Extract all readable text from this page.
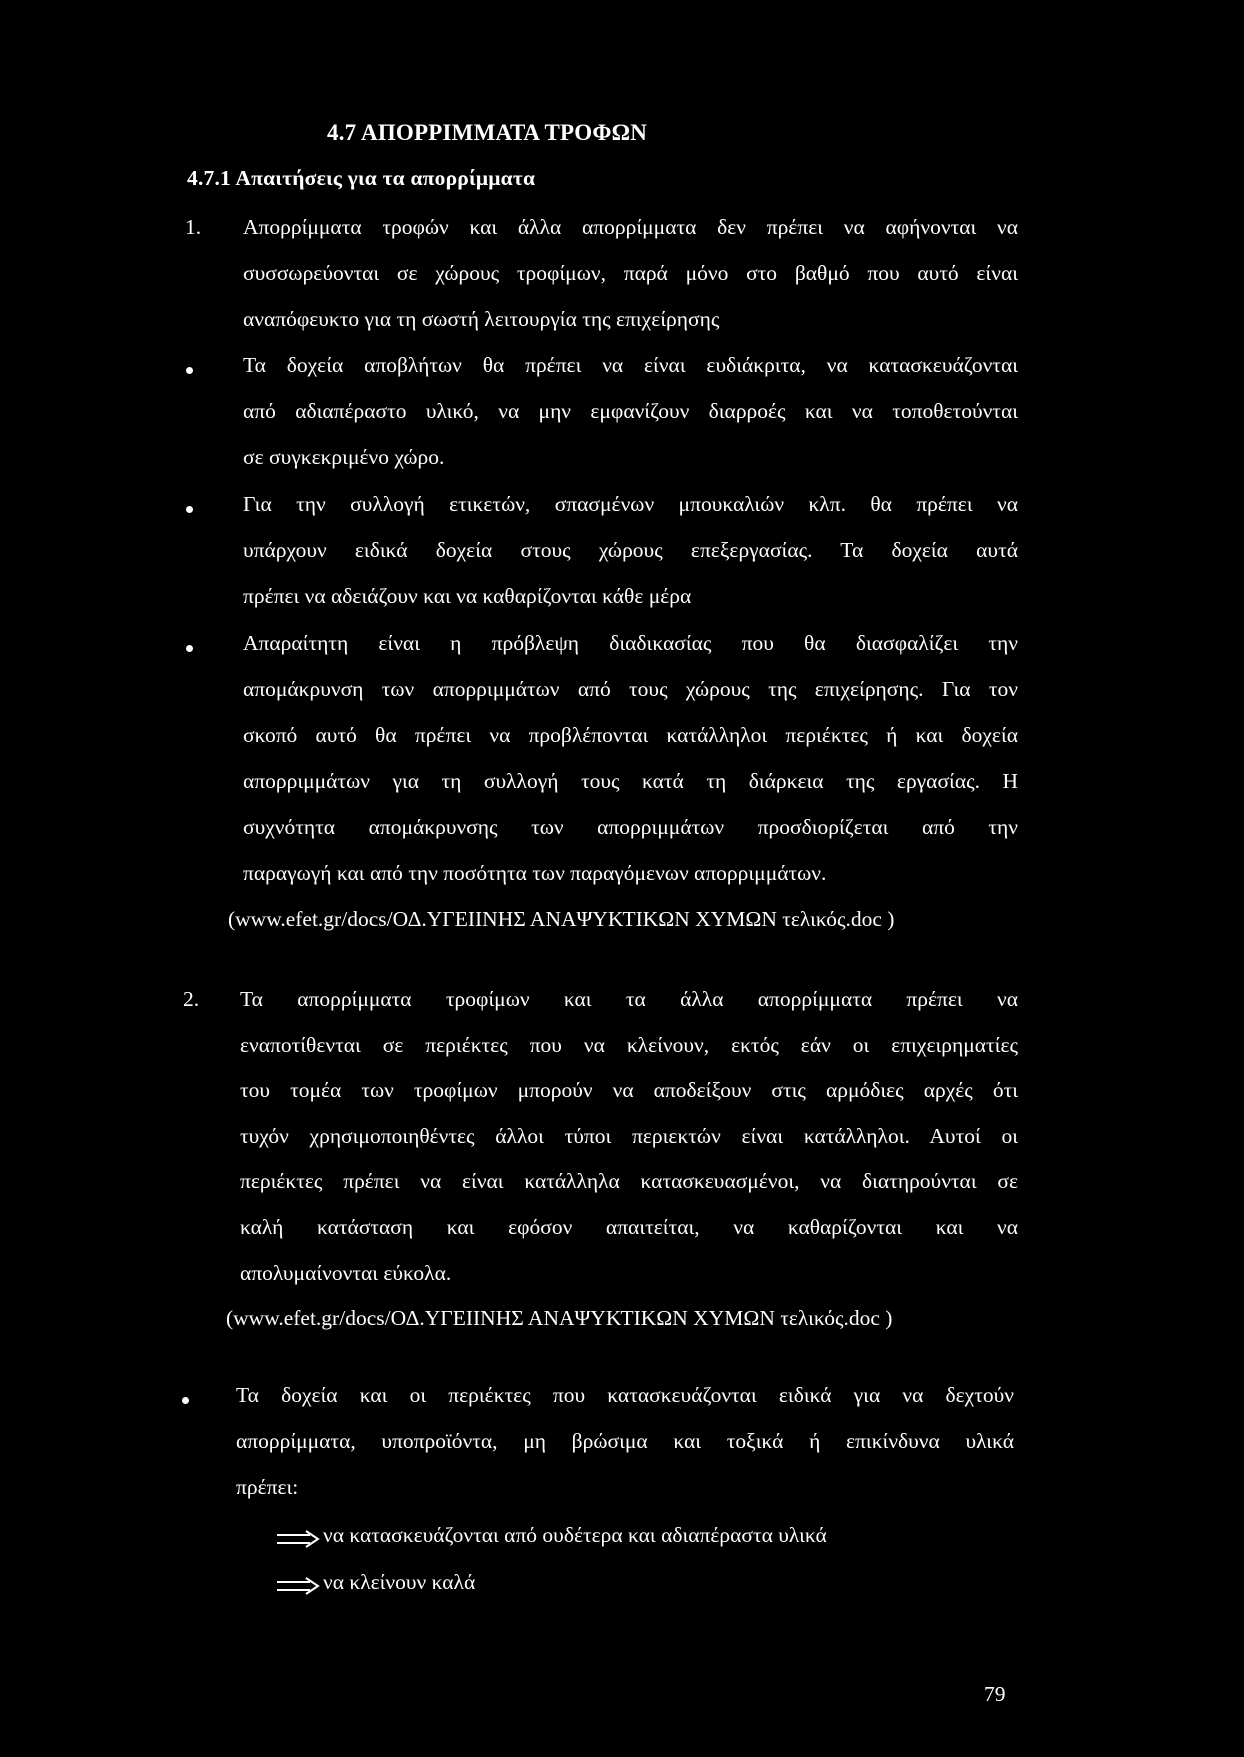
4.7 ΑΠΟΡΡΙΜΜΑΤΑ ΤΡΟΦΩΝ
4.7.1 Απαιτήσεις για τα απορρίμματα
1. Απορρίμματα τροφών και άλλα απορρίμματα δεν πρέπει να αφήνονται να
συσσωρεύονται σε χώρους τροφίμων, παρά μόνο στο βαθμό που αυτό είναι
αναπόφευκτο για τη σωστή λειτουργία της επιχείρησης
Τα δοχεία αποβλήτων θα πρέπει να είναι ευδιάκριτα, να κατασκευάζονται
από αδιαπέραστο υλικό, να μην εμφανίζουν διαρροές και να τοποθετούνται
σε συγκεκριμένο χώρο.
Για την συλλογή ετικετών, σπασμένων μπουκαλιών κλπ. θα πρέπει να
υπάρχουν ειδικά δοχεία στους χώρους επεξεργασίας. Τα δοχεία αυτά
πρέπει να αδειάζουν και να καθαρίζονται κάθε μέρα
Απαραίτητη είναι η πρόβλεψη διαδικασίας που θα διασφαλίζει την
απομάκρυνση των απορριμμάτων από τους χώρους της επιχείρησης. Για τον
σκοπό αυτό θα πρέπει να προβλέπονται κατάλληλοι περιέκτες ή και δοχεία
απορριμμάτων για τη συλλογή τους κατά τη διάρκεια της εργασίας. Η
συχνότητα απομάκρυνσης των απορριμμάτων προσδιορίζεται από την
παραγωγή και από την ποσότητα των παραγόμενων απορριμμάτων.
(www.efet.gr/docs/ΟΔ.ΥΓΕΙΙΝΗΣ ΑΝΑΨΥΚΤΙΚΩΝ ΧΥΜΩΝ τελικός.doc )
2. Τα απορρίμματα τροφίμων και τα άλλα απορρίμματα πρέπει να
εναποτίθενται σε περιέκτες που να κλείνουν, εκτός εάν οι επιχειρηματίες
του τομέα των τροφίμων μπορούν να αποδείξουν στις αρμόδιες αρχές ότι
τυχόν χρησιμοποιηθέντες άλλοι τύποι περιεκτών είναι κατάλληλοι. Αυτοί οι
περιέκτες πρέπει να είναι κατάλληλα κατασκευασμένοι, να διατηρούνται σε
καλή κατάσταση και εφόσον απαιτείται, να καθαρίζονται και να
απολυμαίνονται εύκολα.
(www.efet.gr/docs/ΟΔ.ΥΓΕΙΙΝΗΣ ΑΝΑΨΥΚΤΙΚΩΝ ΧΥΜΩΝ τελικός.doc )
Τα δοχεία και οι περιέκτες που κατασκευάζονται ειδικά για να δεχτούν
απορρίμματα, υποπροϊόντα, μη βρώσιμα και τοξικά ή επικίνδυνα υλικά
πρέπει:
να κατασκευάζονται από ουδέτερα και αδιαπέραστα υλικά
να κλείνουν καλά
79
